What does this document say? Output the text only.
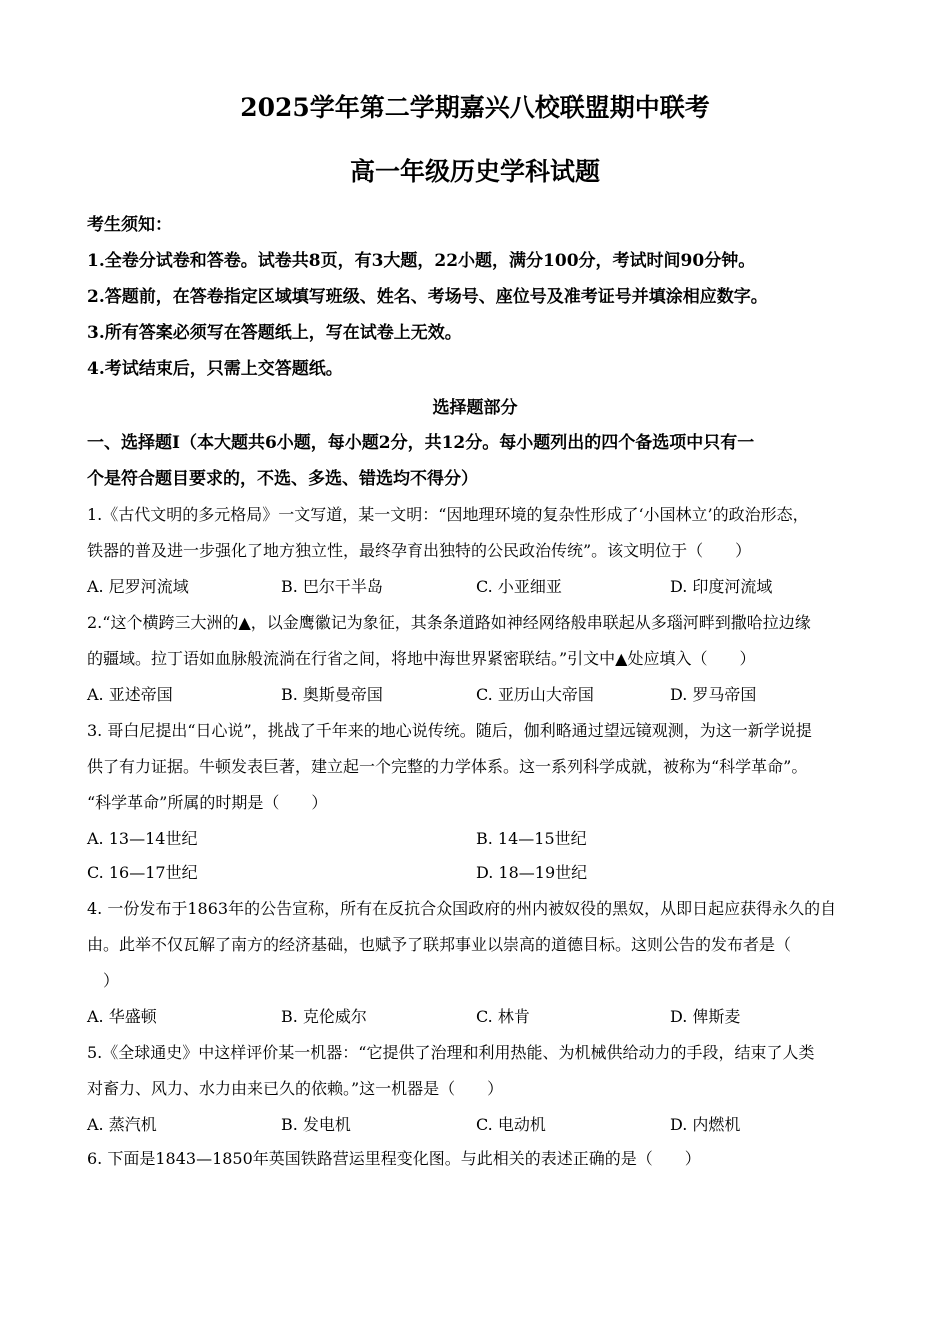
2025学年第二学期嘉兴八校联盟期中联考
高一年级历史学科试题
考生须知：
1.全卷分试卷和答卷。试卷共8页，有3大题，22小题，满分100分，考试时间90分钟。
2.答题前，在答卷指定区域填写班级、姓名、考场号、座位号及准考证号并填涂相应数字。
3.所有答案必须写在答题纸上，写在试卷上无效。
4.考试结束后，只需上交答题纸。
选择题部分
一、选择题Ⅰ（本大题共6小题，每小题2分，共12分。每小题列出的四个备选项中只有一
个是符合题目要求的，不选、多选、错选均不得分）
1.《古代文明的多元格局》一文写道，某一文明：“因地理环境的复杂性形成了‘小国林立’的政治形态，
铁器的普及进一步强化了地方独立性，最终孕育出独特的公民政治传统”。该文明位于（　　）
A. 尼罗河流域	B. 巴尔干半岛	C. 小亚细亚	D. 印度河流域
2.“这个横跨三大洲的▲，以金鹰徽记为象征，其条条道路如神经网络般串联起从多瑙河畔到撒哈拉边缘
的疆域。拉丁语如血脉般流淌在行省之间，将地中海世界紧密联结。”引文中▲处应填入（　　）
A. 亚述帝国	B. 奥斯曼帝国	C. 亚历山大帝国	D. 罗马帝国
3. 哥白尼提出“日心说”，挑战了千年来的地心说传统。随后，伽利略通过望远镜观测，为这一新学说提
供了有力证据。牛顿发表巨著，建立起一个完整的力学体系。这一系列科学成就，被称为“科学革命”。
“科学革命”所属的时期是（　　）
A. 13—14世纪	B. 14—15世纪
C. 16—17世纪	D. 18—19世纪
4. 一份发布于1863年的公告宣称，所有在反抗合众国政府的州内被奴役的黑奴，从即日起应获得永久的自
由。此举不仅瓦解了南方的经济基础，也赋予了联邦事业以崇高的道德目标。这则公告的发布者是（
　）
A. 华盛顿	B. 克伦威尔	C. 林肯	D. 俾斯麦
5.《全球通史》中这样评价某一机器：“它提供了治理和利用热能、为机械供给动力的手段，结束了人类
对畜力、风力、水力由来已久的依赖。”这一机器是（　　）
A. 蒸汽机	B. 发电机	C. 电动机	D. 内燃机
6. 下面是1843—1850年英国铁路营运里程变化图。与此相关的表述正确的是（　　）
